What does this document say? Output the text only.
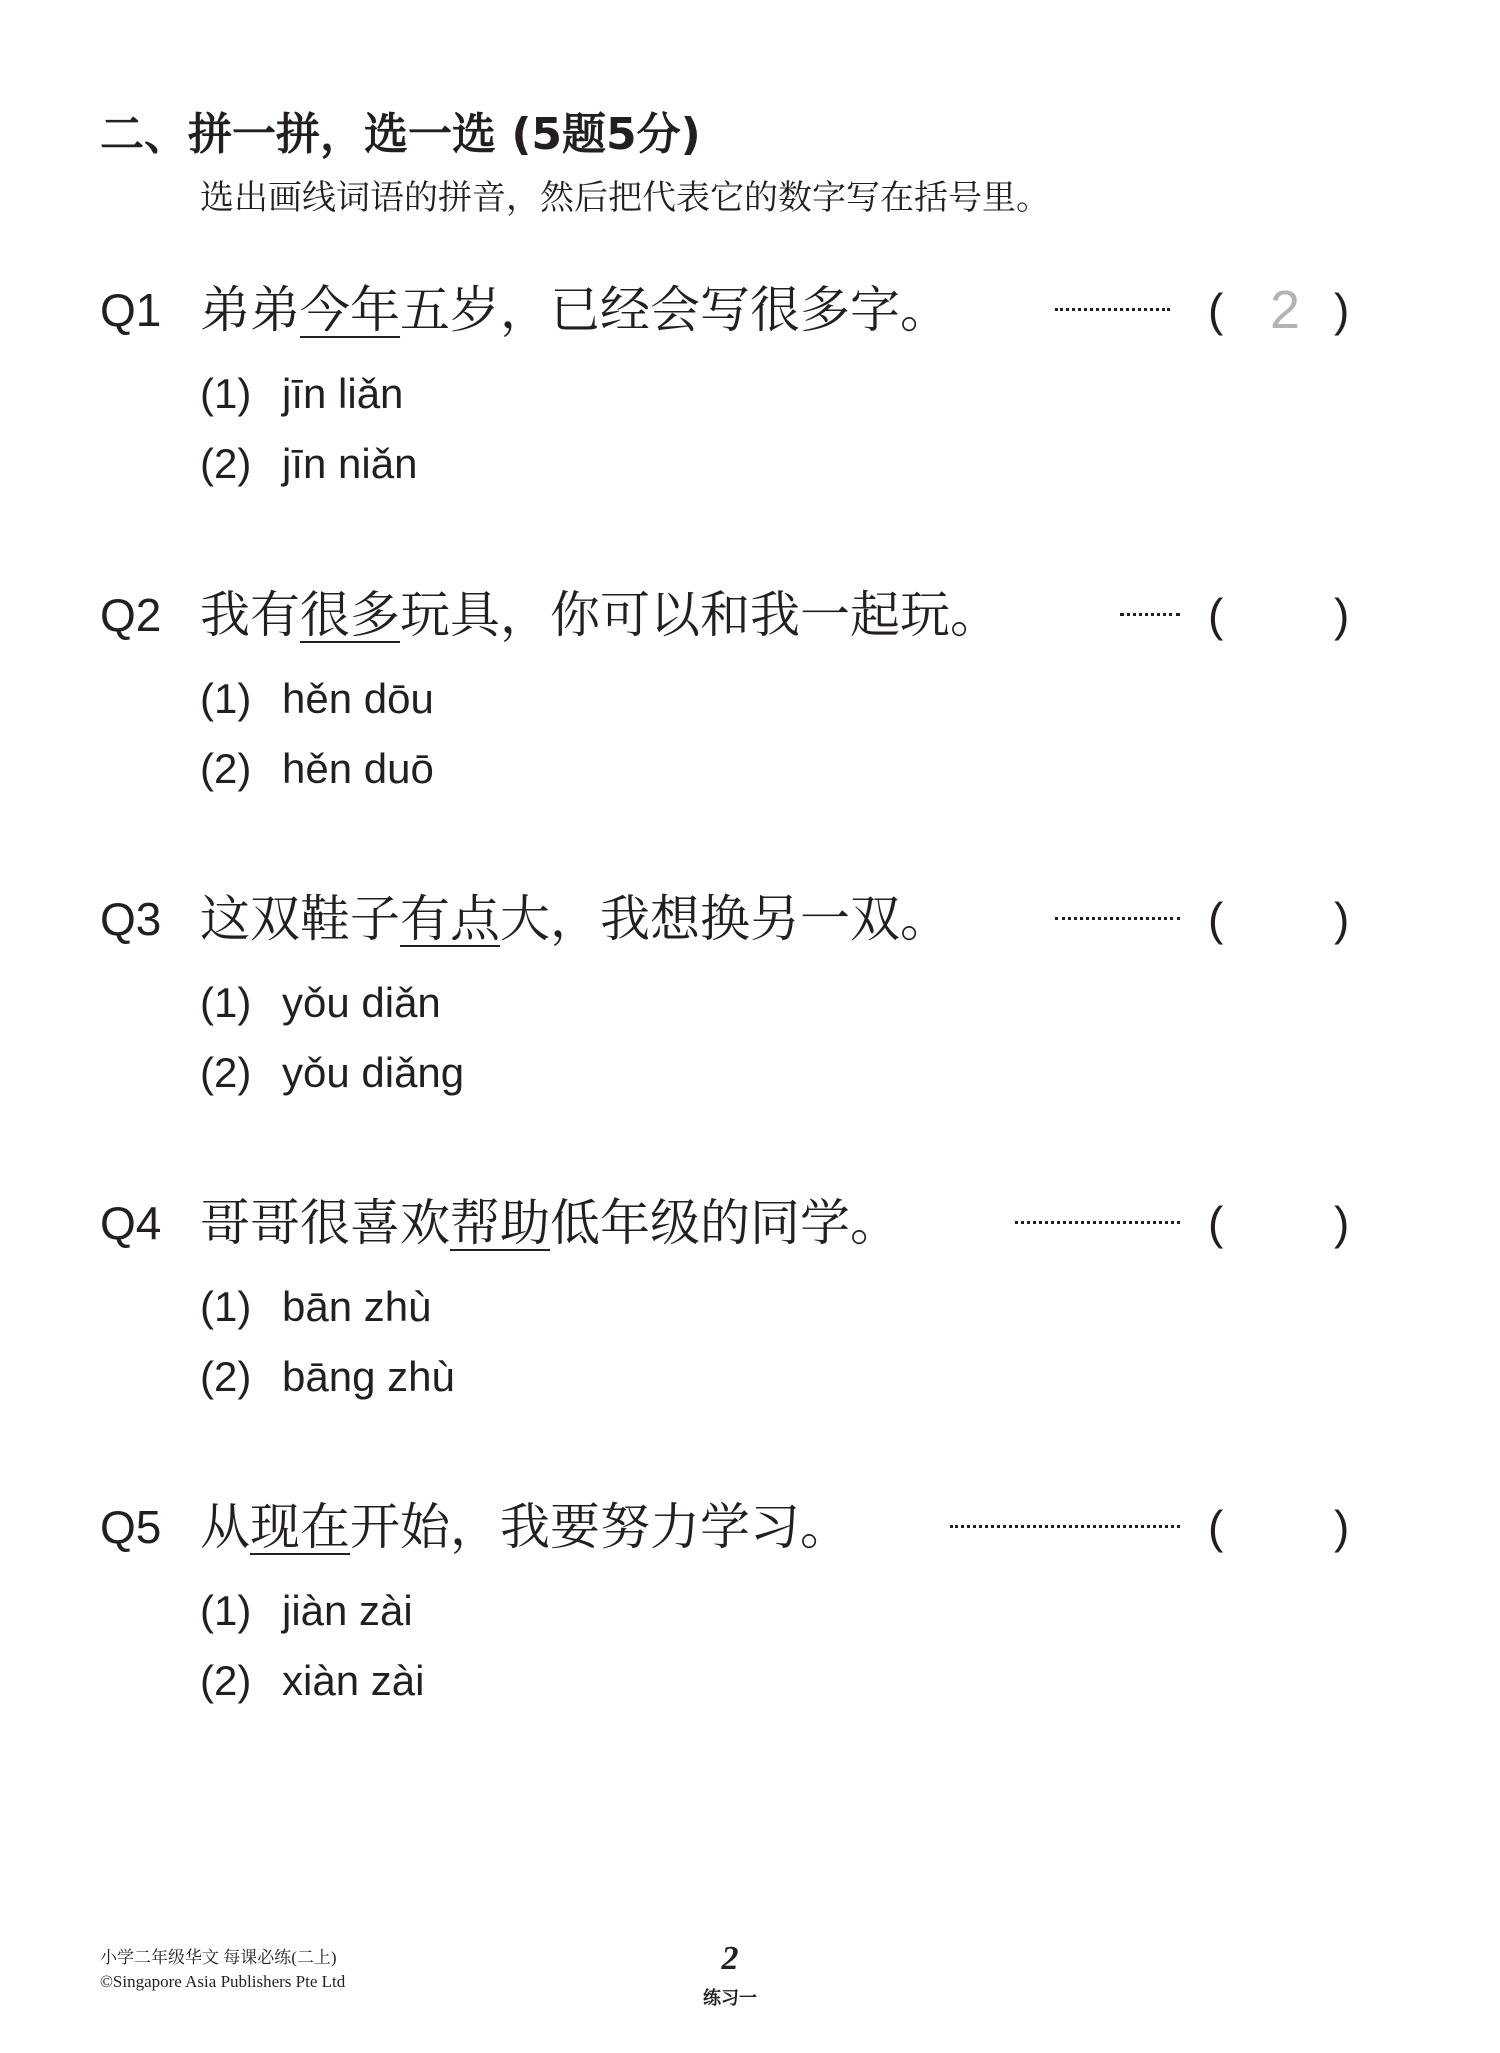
二、拼一拼，选一选 (5题5分)
选出画线词语的拼音，然后把代表它的数字写在括号里。
Q1 弟弟今年五岁，已经会写很多字。	( 2 )
(1) jīn liǎn
(2) jīn niǎn
Q2 我有很多玩具，你可以和我一起玩。	( )
(1) hěn dōu
(2) hěn duō
Q3 这双鞋子有点大，我想换另一双。	( )
(1) yǒu diǎn
(2) yǒu diǎng
Q4 哥哥很喜欢帮助低年级的同学。	( )
(1) bān zhù
(2) bāng zhù
Q5 从现在开始，我要努力学习。	( )
(1) jiàn zài
(2) xiàn zài
小学二年级华文 每课必练(二上)
©Singapore Asia Publishers Pte Ltd
2
练习一
